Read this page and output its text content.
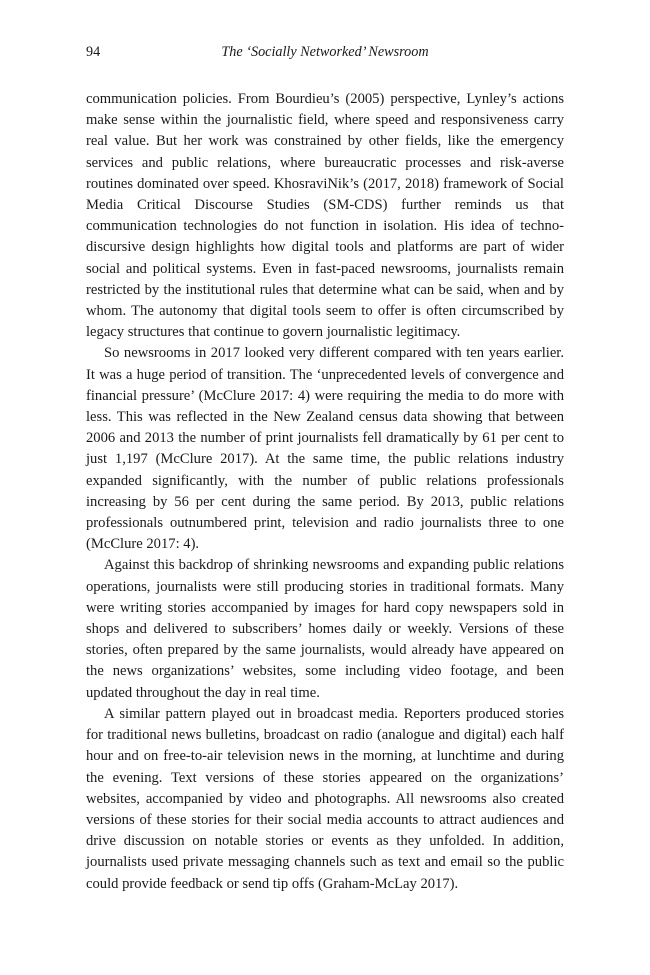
94	The ‘Socially Networked’ Newsroom

communication policies. From Bourdieu’s (2005) perspective, Lynley’s actions make sense within the journalistic field, where speed and responsiveness carry real value. But her work was constrained by other fields, like the emergency services and public relations, where bureaucratic processes and risk-averse routines dominated over speed. KhosraviNik’s (2017, 2018) framework of Social Media Critical Discourse Studies (SM-CDS) further reminds us that communication technologies do not function in isolation. His idea of techno-discursive design highlights how digital tools and platforms are part of wider social and political systems. Even in fast-paced newsrooms, journalists remain restricted by the institutional rules that determine what can be said, when and by whom. The autonomy that digital tools seem to offer is often circumscribed by legacy structures that continue to govern journalistic legitimacy.

So newsrooms in 2017 looked very different compared with ten years earlier. It was a huge period of transition. The ‘unprecedented levels of convergence and financial pressure’ (McClure 2017: 4) were requiring the media to do more with less. This was reflected in the New Zealand census data showing that between 2006 and 2013 the number of print journalists fell dramatically by 61 per cent to just 1,197 (McClure 2017). At the same time, the public relations industry expanded significantly, with the number of public relations professionals increasing by 56 per cent during the same period. By 2013, public relations professionals outnumbered print, television and radio journalists three to one (McClure 2017: 4).

Against this backdrop of shrinking newsrooms and expanding public relations operations, journalists were still producing stories in traditional formats. Many were writing stories accompanied by images for hard copy newspapers sold in shops and delivered to subscribers’ homes daily or weekly. Versions of these stories, often prepared by the same journalists, would already have appeared on the news organizations’ websites, some including video footage, and been updated throughout the day in real time.

A similar pattern played out in broadcast media. Reporters produced stories for traditional news bulletins, broadcast on radio (analogue and digital) each half hour and on free-to-air television news in the morning, at lunchtime and during the evening. Text versions of these stories appeared on the organizations’ websites, accompanied by video and photographs. All newsrooms also created versions of these stories for their social media accounts to attract audiences and drive discussion on notable stories or events as they unfolded. In addition, journalists used private messaging channels such as text and email so the public could provide feedback or send tip offs (Graham-McLay 2017).
